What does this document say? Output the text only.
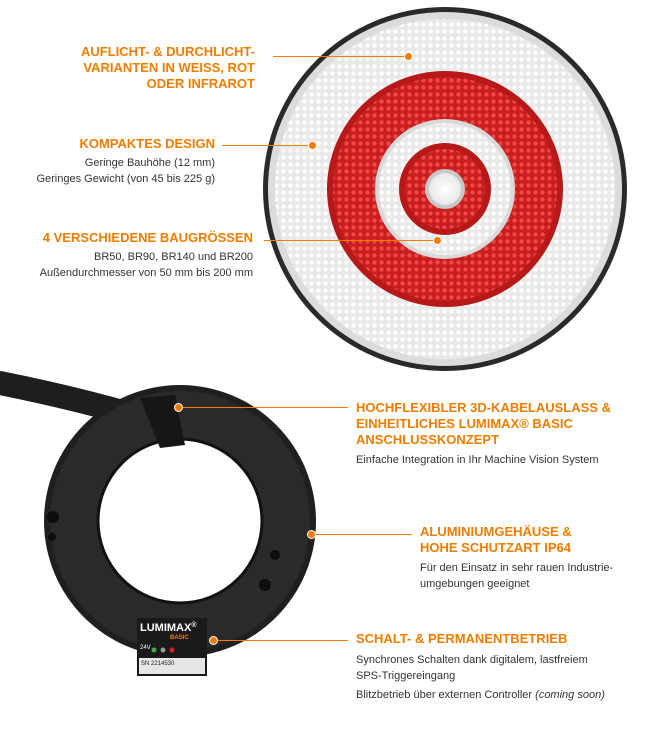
LUMIMAX®
BASIC
24V
SN 2214530

AUFLICHT- & DURCHLICHT-
VARIANTEN IN WEISS, ROT
ODER INFRAROT

KOMPAKTES DESIGN

Geringe Bauhöhe (12 mm)
Geringes Gewicht (von 45 bis 225 g)

4 VERSCHIEDENE BAUGRÖSSEN

BR50, BR90, BR140 und BR200
Außendurchmesser von 50 mm bis 200 mm

HOCHFLEXIBLER 3D-KABELAUSLASS &
EINHEITLICHES LUMIMAX® BASIC
ANSCHLUSSKONZEPT

Einfache Integration in Ihr Machine Vision System

ALUMINIUMGEHÄUSE &
HOHE SCHUTZART IP64

Für den Einsatz in sehr rauen Industrie-
umgebungen geeignet

SCHALT- & PERMANENTBETRIEB

Synchrones Schalten dank digitalem, lastfreiem
SPS-Triggereingang

Blitzbetrieb über externen Controller (coming soon)
